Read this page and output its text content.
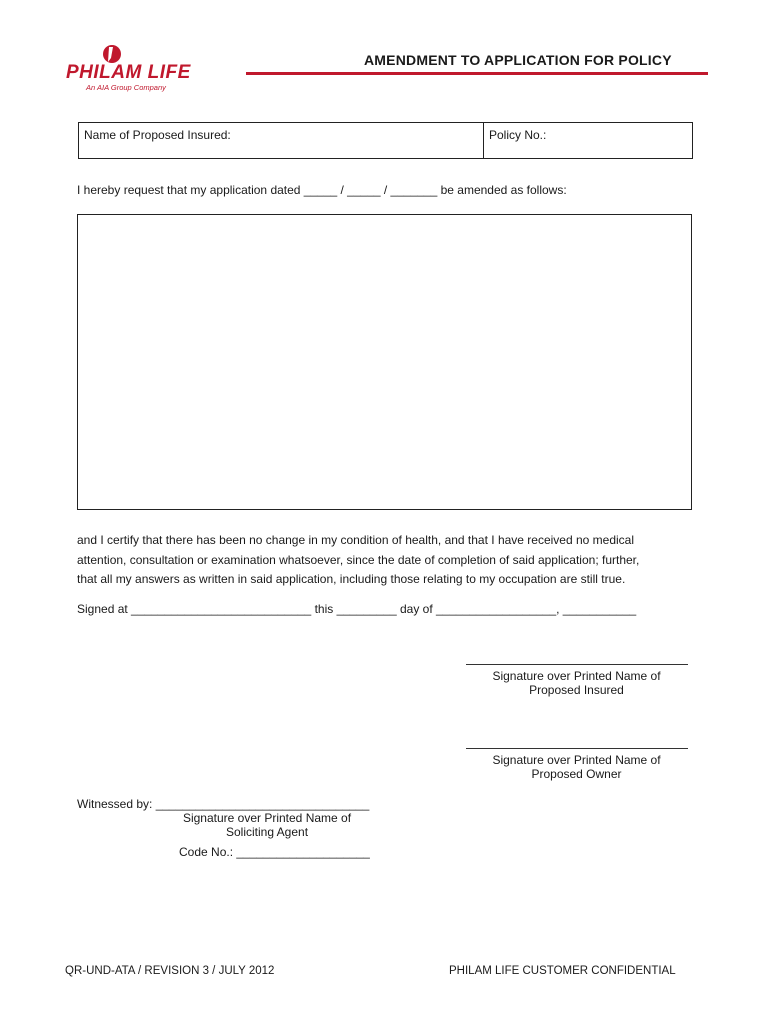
PHILAM LIFE
An AIA Group Company
AMENDMENT TO APPLICATION FOR POLICY
Name of Proposed Insured:	Policy No.:
I hereby request that my application dated _____ / _____ / _______ be amended as follows:
and I certify that there has been no change in my condition of health, and that I have received no medical
attention, consultation or examination whatsoever, since the date of completion of said application; further,
that all my answers as written in said application, including those relating to my occupation are still true.
Signed at ___________________________ this _________ day of __________________, ___________
Signature over Printed Name of
Proposed Insured
Signature over Printed Name of
Proposed Owner
Witnessed by: ________________________________
Signature over Printed Name of
Soliciting Agent
Code No.: ____________________
QR-UND-ATA / REVISION 3 / JULY 2012	PHILAM LIFE CUSTOMER CONFIDENTIAL
